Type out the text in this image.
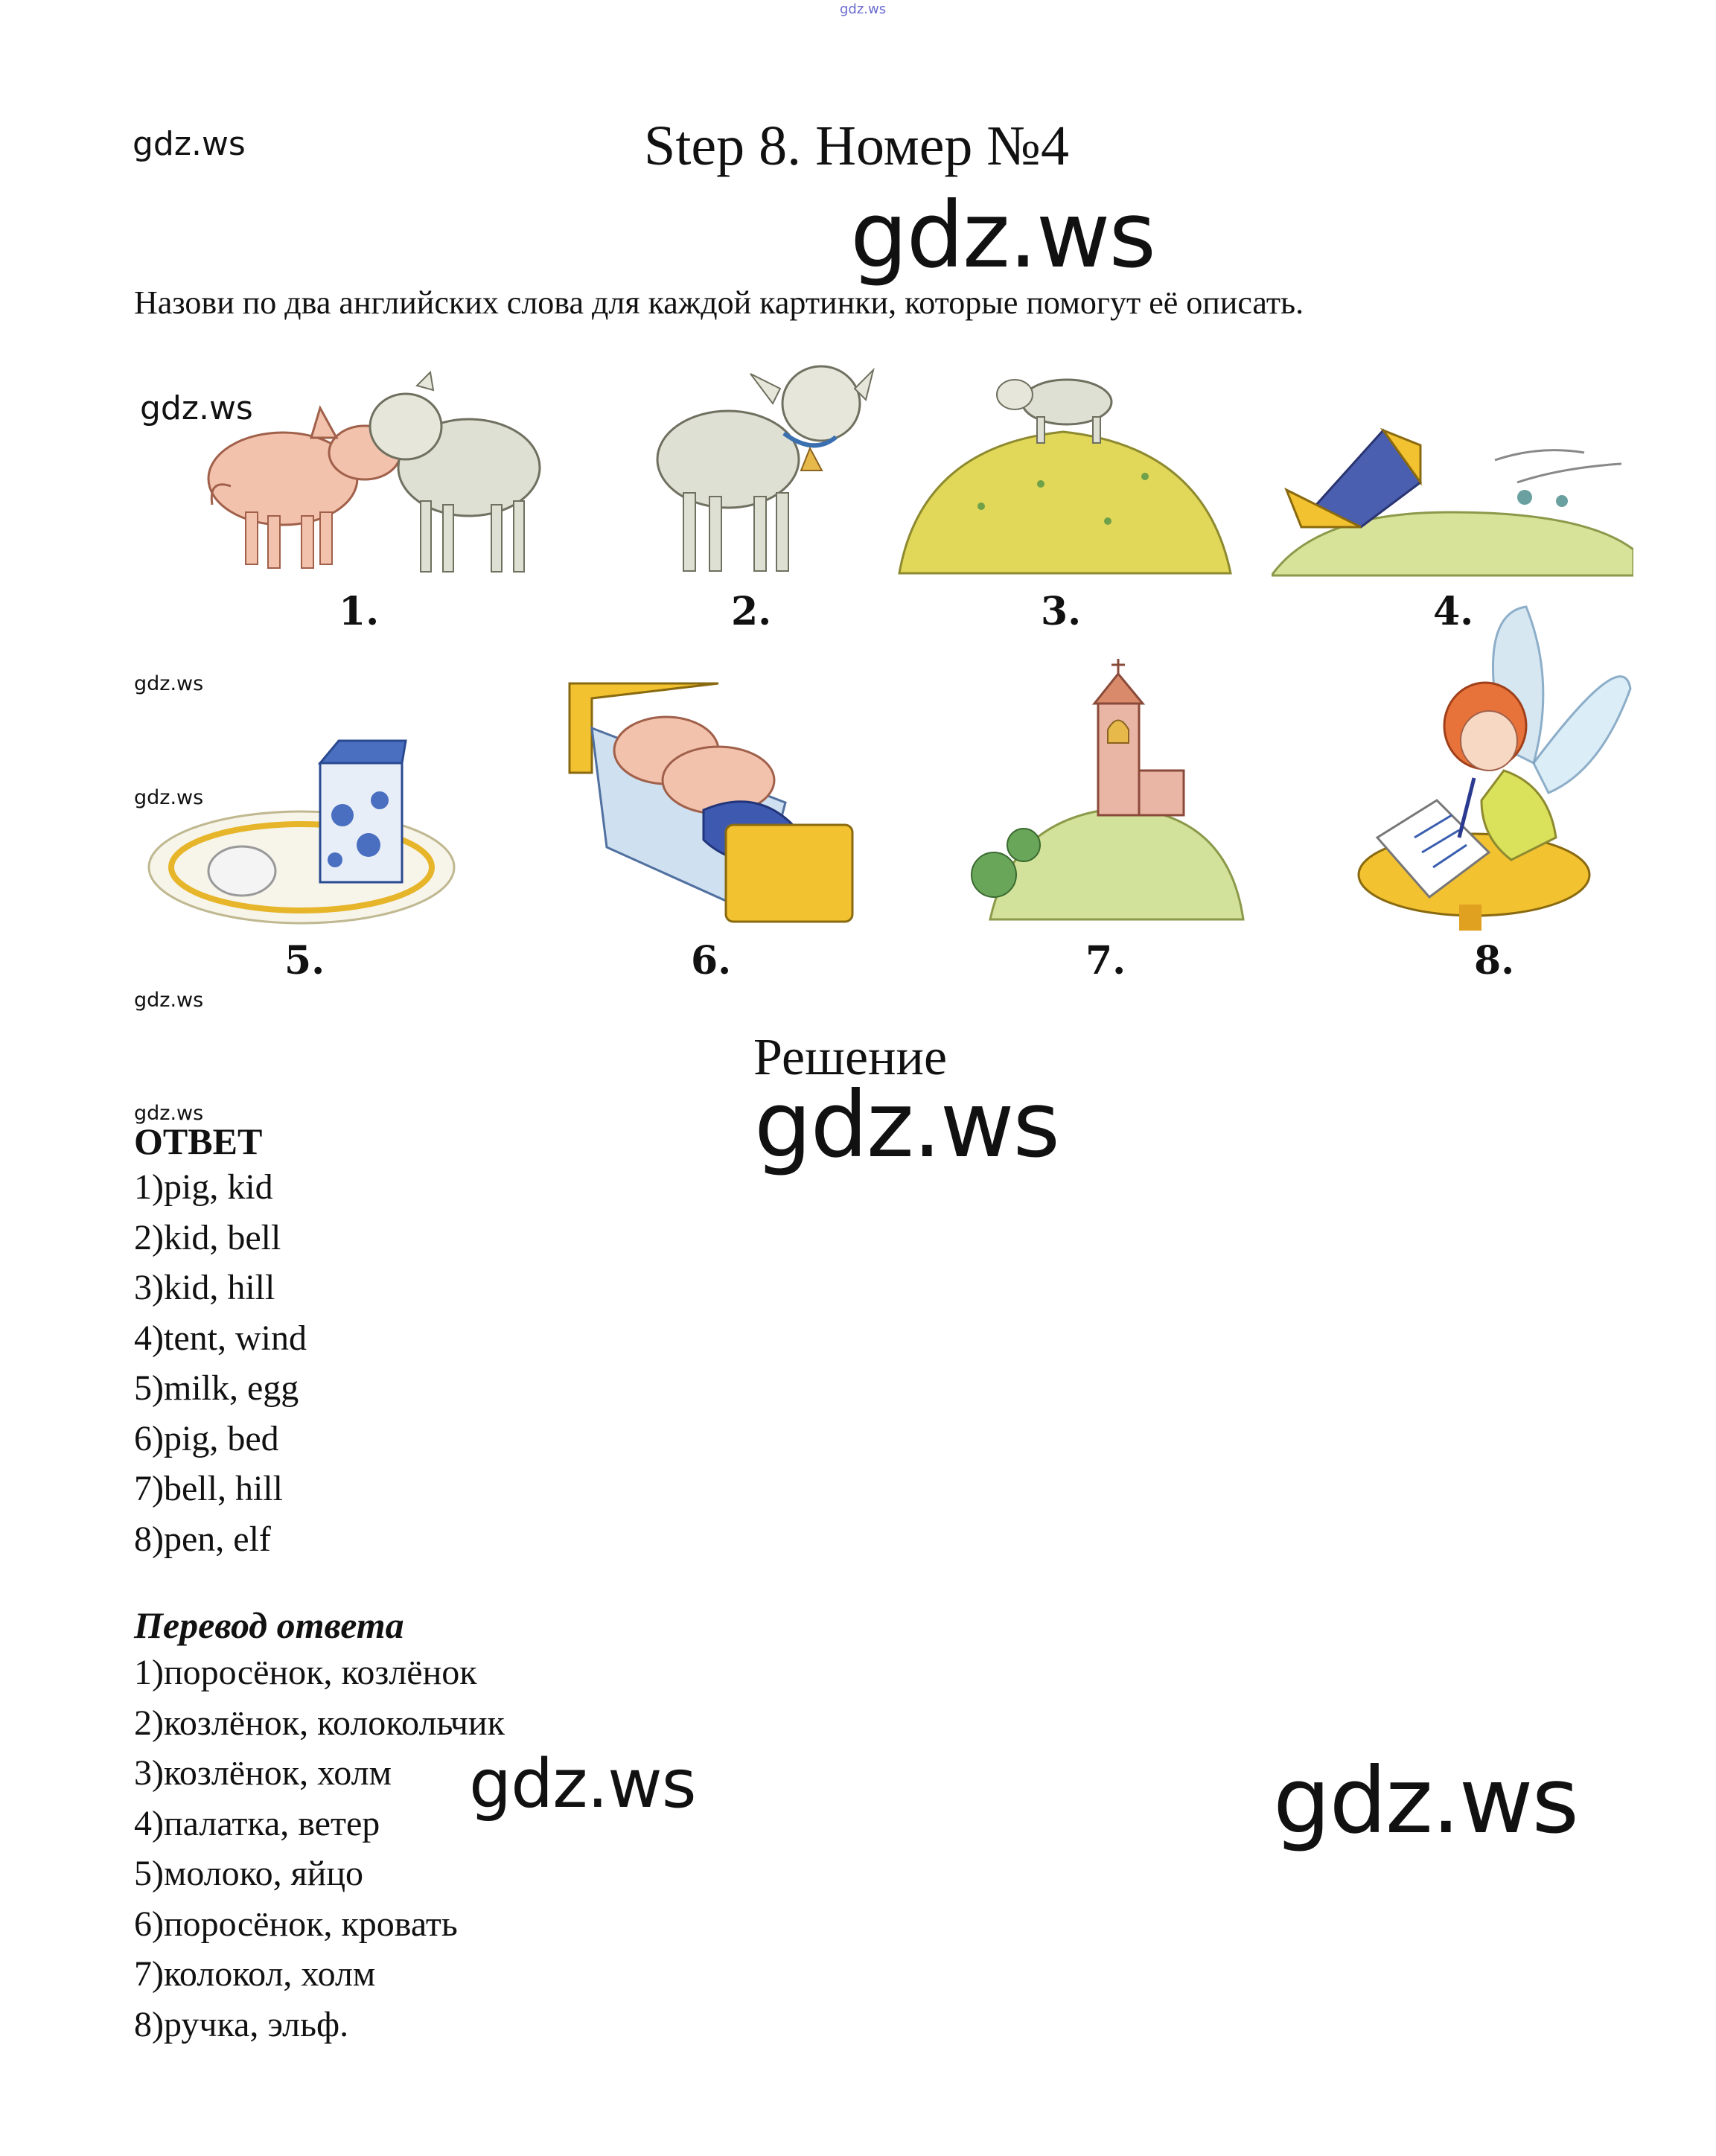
gdz.ws
gdz.ws	Step 8. Номер №4
gdz.ws
Назови по два английских слова для каждой картинки, которые помогут её описать.
gdz.ws
1.	2.	3.	4.
gdz.ws
gdz.ws
5.	6.	7.	8.
gdz.ws
Решение
gdz.ws
gdz.ws
ОТВЕТ
1)pig, kid
2)kid, bell
3)kid, hill
4)tent, wind
5)milk, egg
6)pig, bed
7)bell, hill
8)pen, elf
Перевод ответа
1)поросёнок, козлёнок
2)козлёнок, колокольчик
3)козлёнок, холм
4)палатка, ветер
5)молоко, яйцо
6)поросёнок, кровать
7)колокол, холм
8)ручка, эльф.
gdz.ws	gdz.ws
